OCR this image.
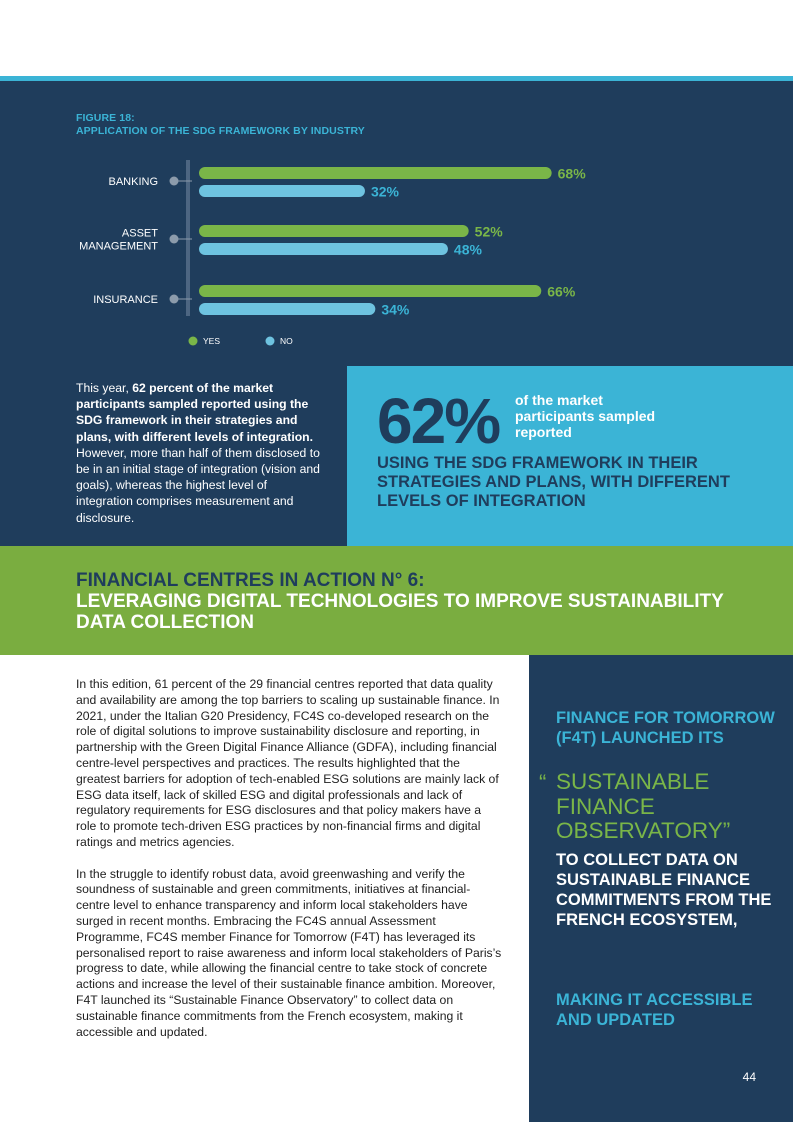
FIGURE 18:
APPLICATION OF THE SDG FRAMEWORK BY INDUSTRY
BANKING
68%
32%
ASSET
MANAGEMENT
52%
48%
INSURANCE
66%
34%
YES	NO
This year, 62 percent of the market participants sampled reported using the SDG framework in their strategies and plans, with different levels of integration. However, more than half of them disclosed to be in an initial stage of integration (vision and goals), whereas the highest level of integration comprises measurement and disclosure.
62% of the market participants sampled reported
USING THE SDG FRAMEWORK IN THEIR STRATEGIES AND PLANS, WITH DIFFERENT LEVELS OF INTEGRATION
FINANCIAL CENTRES IN ACTION N° 6:
LEVERAGING DIGITAL TECHNOLOGIES TO IMPROVE SUSTAINABILITY DATA COLLECTION

In this edition, 61 percent of the 29 financial centres reported that data quality and availability are among the top barriers to scaling up sustainable finance. In 2021, under the Italian G20 Presidency, FC4S co-developed research on the role of digital solutions to improve sustainability disclosure and reporting, in partnership with the Green Digital Finance Alliance (GDFA), including financial centre-level perspectives and practices. The results highlighted that the greatest barriers for adoption of tech-enabled ESG solutions are mainly lack of ESG data itself, lack of skilled ESG and digital professionals and lack of regulatory requirements for ESG disclosures and that policy makers have a role to promote tech-driven ESG practices by non-financial firms and digital ratings and metrics agencies.

In the struggle to identify robust data, avoid greenwashing and verify the soundness of sustainable and green commitments, initiatives at financial-centre level to enhance transparency and inform local stakeholders have surged in recent months. Embracing the FC4S annual Assessment Programme, FC4S member Finance for Tomorrow (F4T) has leveraged its personalised report to raise awareness and inform local stakeholders of Paris’s progress to date, while allowing the financial centre to take stock of concrete actions and increase the level of their sustainable finance ambition. Moreover, F4T launched its “Sustainable Finance Observatory” to collect data on sustainable finance commitments from the French ecosystem, making it accessible and updated.

FINANCE FOR TOMORROW (F4T) LAUNCHED ITS
“ SUSTAINABLE FINANCE OBSERVATORY”
TO COLLECT DATA ON SUSTAINABLE FINANCE COMMITMENTS FROM THE FRENCH ECOSYSTEM,
MAKING IT ACCESSIBLE AND UPDATED
44
